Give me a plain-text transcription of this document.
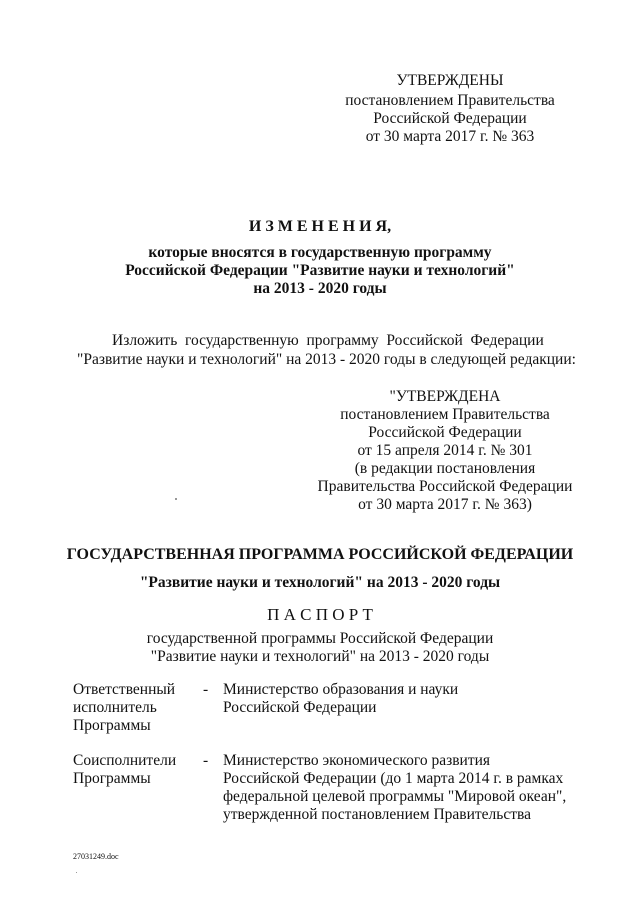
УТВЕРЖДЕНЫ

постановлением Правительства

Российской Федерации

от 30 марта 2017 г. № 363

И З М Е Н Е Н И Я,

которые вносятся в государственную программу

Российской Федерации "Развитие науки и технологий"

на 2013 - 2020 годы

Изложить  государственную  программу  Российской  Федерации

"Развитие науки и технологий" на 2013 - 2020 годы в следующей редакции:

"УТВЕРЖДЕНА

постановлением Правительства

Российской Федерации

от 15 апреля 2014 г. № 301

(в редакции постановления

Правительства Российской Федерации

от 30 марта 2017 г. № 363)

ГОСУДАРСТВЕННАЯ ПРОГРАММА РОССИЙСКОЙ ФЕДЕРАЦИИ

"Развитие науки и технологий" на 2013 - 2020 годы

П А С П О Р Т

государственной программы Российской Федерации

"Развитие науки и технологий" на 2013 - 2020 годы

Ответственный

исполнитель

Программы

- Министерство образования и науки

Российской Федерации

Соисполнители

Программы

- Министерство экономического развития

Российской Федерации (до 1 марта 2014 г. в рамках

федеральной целевой программы "Мировой океан",

утвержденной постановлением Правительства

27031249.doc
